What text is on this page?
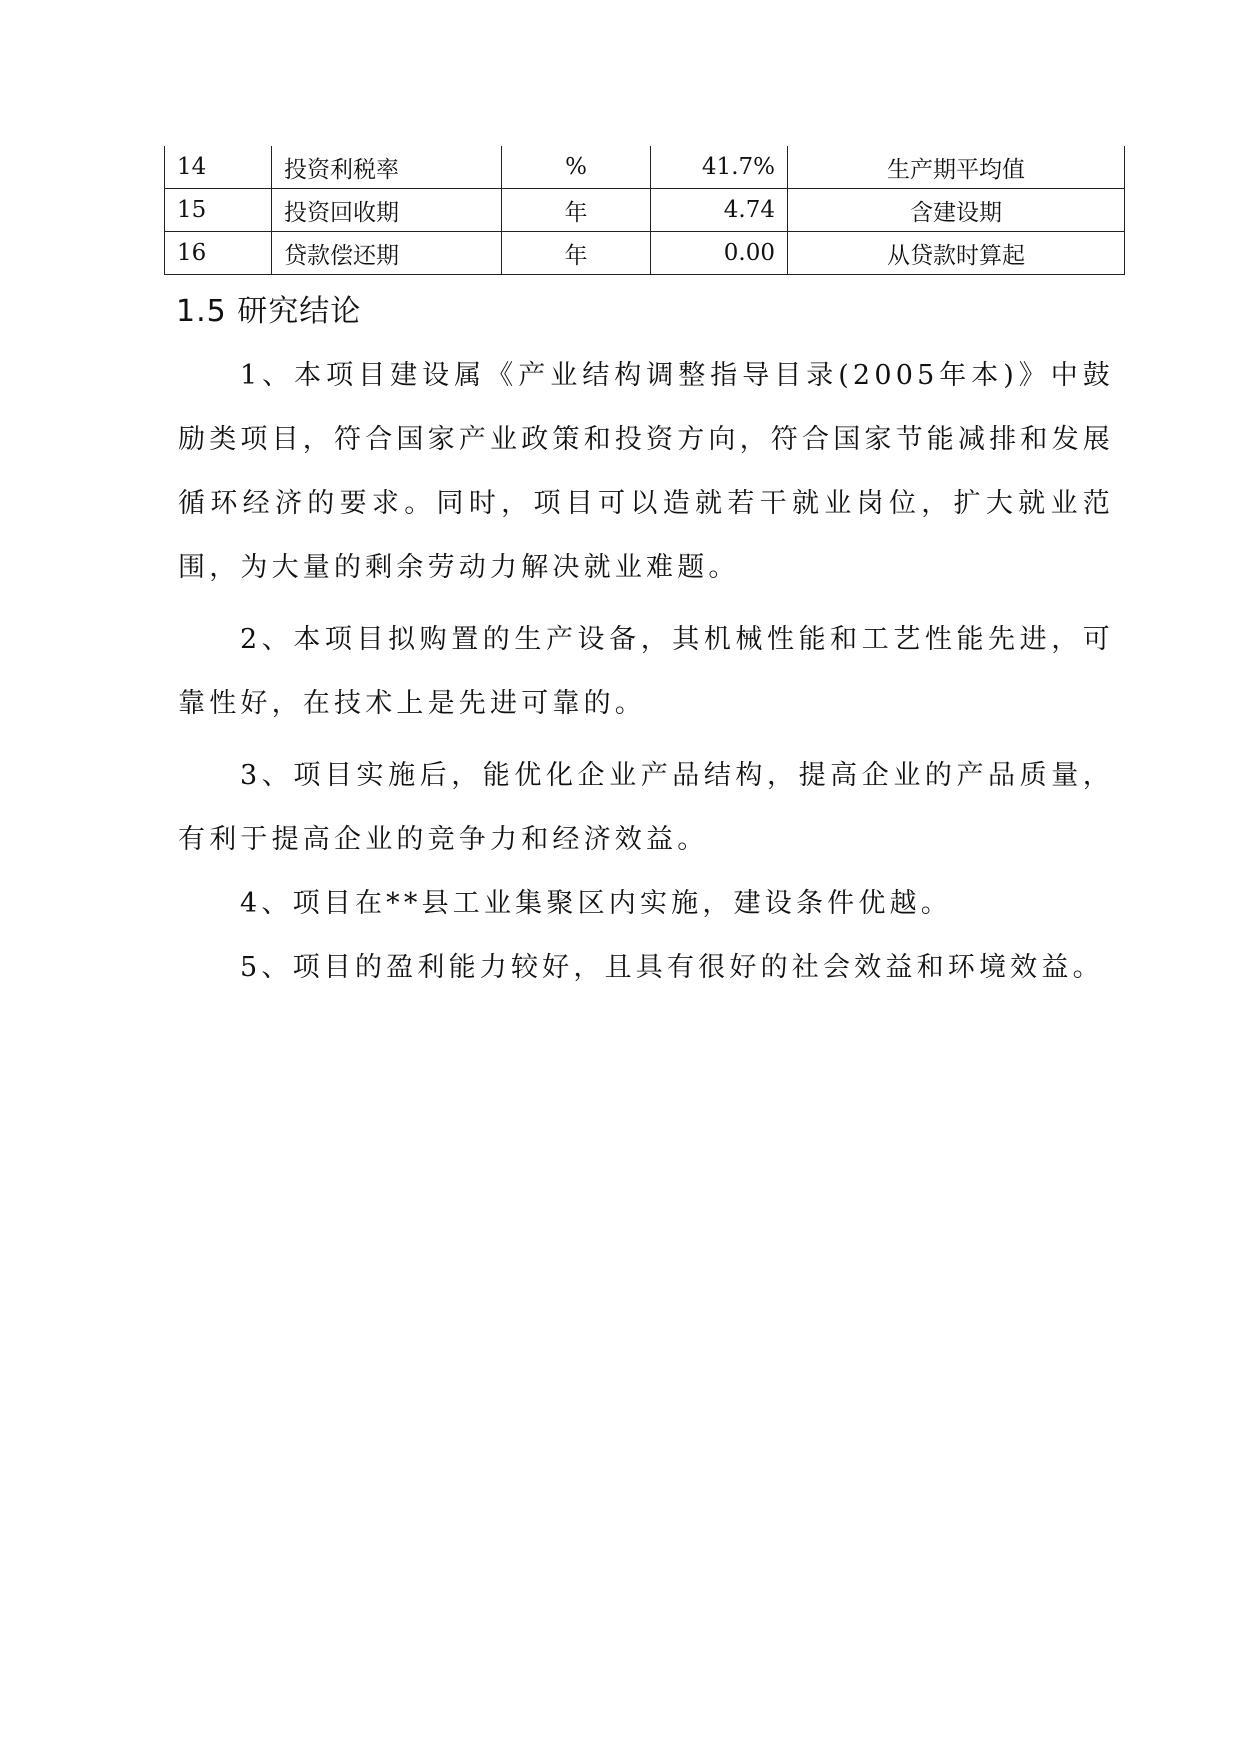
14	投资利税率	%	41.7%	生产期平均值
15	投资回收期	年	4.74	含建设期
16	贷款偿还期	年	0.00	从贷款时算起
1.5 研究结论

1、本项目建设属《产业结构调整指导目录(2005年本)》中鼓励类项目，符合国家产业政策和投资方向，符合国家节能减排和发展循环经济的要求。同时，项目可以造就若干就业岗位，扩大就业范围，为大量的剩余劳动力解决就业难题。

2、本项目拟购置的生产设备，其机械性能和工艺性能先进，可靠性好，在技术上是先进可靠的。

3、项目实施后，能优化企业产品结构，提高企业的产品质量，有利于提高企业的竞争力和经济效益。

4、项目在**县工业集聚区内实施，建设条件优越。

5、项目的盈利能力较好，且具有很好的社会效益和环境效益。
